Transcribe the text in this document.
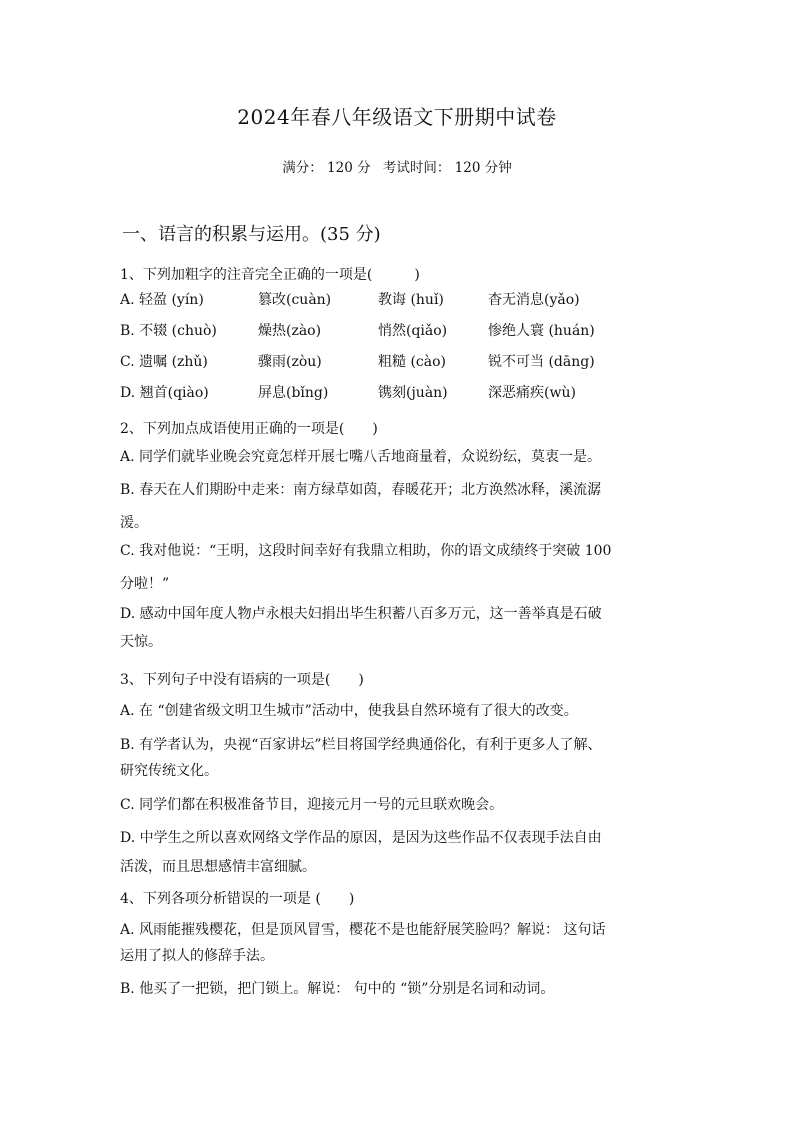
2024年春八年级语文下册期中试卷
满分： 120 分 考试时间： 120 分钟
一、语言的积累与运用。(35 分)
1、下列加粗字的注音完全正确的一项是(　　　)
A. 轻盈 (yín)	篡改(cuàn)	教诲 (huǐ)	杳无消息(yǎo)
B. 不辍 (chuò)	燥热(zào)	悄然(qiǎo)	惨绝人寰 (huán)
C. 遗嘱 (zhǔ)	骤雨(zòu)	粗糙 (cào)	锐不可当 (dāng)
D. 翘首(qiào)	屏息(bǐng)	镌刻(juàn)	深恶痛疾(wù)
2、下列加点成语使用正确的一项是(　　)
A. 同学们就毕业晚会究竟怎样开展七嘴八舌地商量着，众说纷纭，莫衷一是。
B. 春天在人们期盼中走来：南方绿草如茵，春暖花开；北方涣然冰释，溪流潺
湲。
C. 我对他说：“王明，这段时间幸好有我鼎立相助，你的语文成绩终于突破 100
分啦！”
D. 感动中国年度人物卢永根夫妇捐出毕生积蓄八百多万元，这一善举真是石破
天惊。
3、下列句子中没有语病的一项是(　　)
A. 在 “创建省级文明卫生城市”活动中，使我县自然环境有了很大的改变。
B. 有学者认为，央视“百家讲坛”栏目将国学经典通俗化，有利于更多人了解、
研究传统文化。
C. 同学们都在积极准备节目，迎接元月一号的元旦联欢晚会。
D. 中学生之所以喜欢网络文学作品的原因，是因为这些作品不仅表现手法自由
活泼，而且思想感情丰富细腻。
4、下列各项分析错误的一项是 (　　)
A. 风雨能摧残樱花，但是顶风冒雪，樱花不是也能舒展笑脸吗？解说： 这句话
运用了拟人的修辞手法。
B. 他买了一把锁，把门锁上。解说： 句中的 “锁”分别是名词和动词。
